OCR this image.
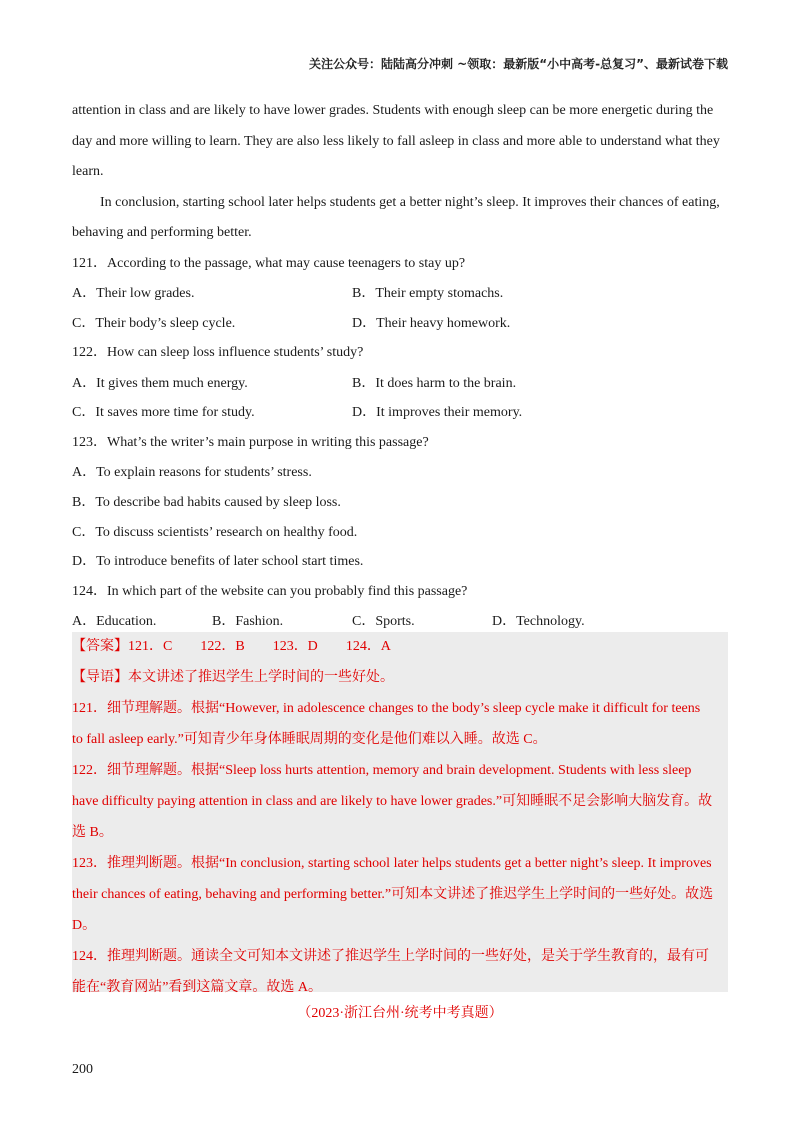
关注公众号：陆陆高分冲刺 ~领取：最新版“小中高考-总复习”、最新试卷下载
attention in class and are likely to have lower grades. Students with enough sleep can be more energetic during the
day and more willing to learn. They are also less likely to fall asleep in class and more able to understand what they
learn.
In conclusion, starting school later helps students get a better night’s sleep. It improves their chances of eating,
behaving and performing better.
121．According to the passage, what may cause teenagers to stay up?
A．Their low grades.	B．Their empty stomachs.
C．Their body’s sleep cycle.	D．Their heavy homework.
122．How can sleep loss influence students’ study?
A．It gives them much energy.	B．It does harm to the brain.
C．It saves more time for study.	D．It improves their memory.
123．What’s the writer’s main purpose in writing this passage?
A．To explain reasons for students’ stress.
B．To describe bad habits caused by sleep loss.
C．To discuss scientists’ research on healthy food.
D．To introduce benefits of later school start times.
124．In which part of the website can you probably find this passage?
A．Education.	B．Fashion.	C．Sports.	D．Technology.
【答案】121．C 122．B 123．D 124．A
【导语】本文讲述了推迟学生上学时间的一些好处。
121．细节理解题。根据“However, in adolescence changes to the body’s sleep cycle make it difficult for teens
to fall asleep early.”可知青少年身体睡眠周期的变化是他们难以入睡。故选 C。
122．细节理解题。根据“Sleep loss hurts attention, memory and brain development. Students with less sleep
have difficulty paying attention in class and are likely to have lower grades.”可知睡眠不足会影响大脑发育。故
选 B。
123．推理判断题。根据“In conclusion, starting school later helps students get a better night’s sleep. It improves
their chances of eating, behaving and performing better.”可知本文讲述了推迟学生上学时间的一些好处。故选
D。
124．推理判断题。通读全文可知本文讲述了推迟学生上学时间的一些好处，是关于学生教育的，最有可
能在“教育网站”看到这篇文章。故选 A。
（2023·浙江台州·统考中考真题）
200
